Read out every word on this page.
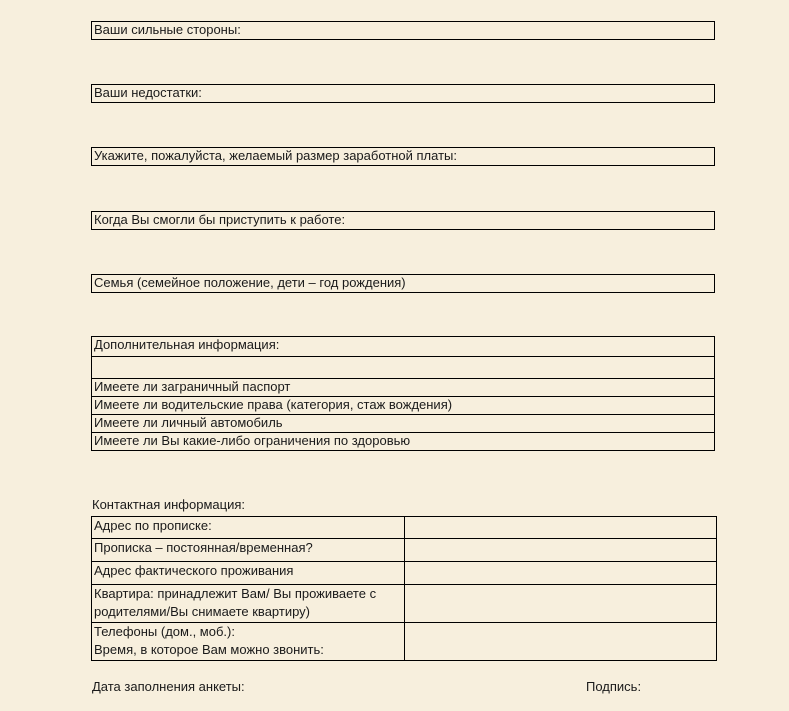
Ваши сильные стороны:
Ваши недостатки:
Укажите, пожалуйста, желаемый размер заработной платы:
Когда Вы смогли бы приступить к работе:
Семья (семейное положение, дети – год рождения)
Дополнительная информация:
Имеете ли заграничный паспорт
Имеете ли водительские права (категория, стаж вождения)
Имеете ли личный автомобиль
Имеете ли Вы какие-либо ограничения по здоровью
Контактная информация:
Адрес по прописке:	
Прописка – постоянная/временная?	
Адрес фактического проживания	
Квартира: принадлежит Вам/ Вы проживаете с родителями/Вы снимаете квартиру)	
Телефоны (дом., моб.):
Время, в которое Вам можно звонить:	
Дата заполнения анкеты:	Подпись:
